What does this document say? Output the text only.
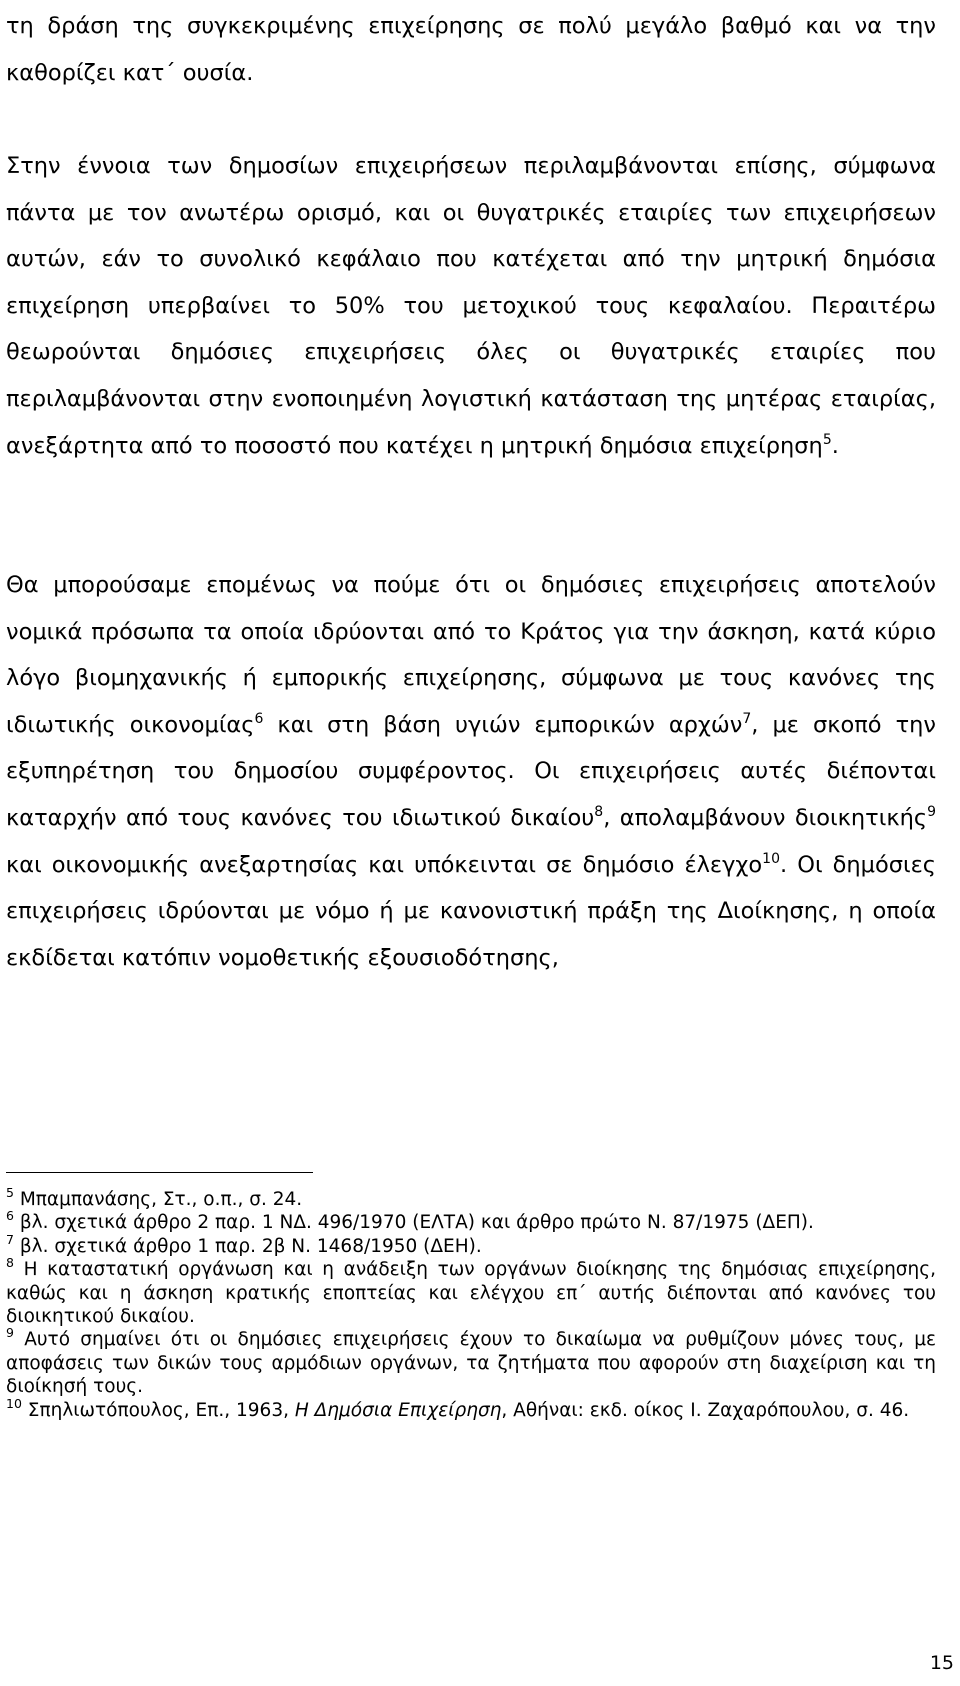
τη δράση της συγκεκριμένης επιχείρησης σε πολύ μεγάλο βαθμό και να την καθορίζει κατ΄ ουσία.

Στην έννοια των δημοσίων επιχειρήσεων περιλαμβάνονται επίσης, σύμφωνα πάντα με τον ανωτέρω ορισμό, και οι θυγατρικές εταιρίες των επιχειρήσεων αυτών, εάν το συνολικό κεφάλαιο που κατέχεται από την μητρική δημόσια επιχείρηση υπερβαίνει το 50% του μετοχικού τους κεφαλαίου. Περαιτέρω θεωρούνται δημόσιες επιχειρήσεις όλες οι θυγατρικές εταιρίες που περιλαμβάνονται στην ενοποιημένη λογιστική κατάσταση της μητέρας εταιρίας, ανεξάρτητα από το ποσοστό που κατέχει η μητρική δημόσια επιχείρηση$^5$.

Θα μπορούσαμε επομένως να πούμε ότι οι δημόσιες επιχειρήσεις αποτελούν νομικά πρόσωπα τα οποία ιδρύονται από το Κράτος για την άσκηση, κατά κύριο λόγο βιομηχανικής ή εμπορικής επιχείρησης, σύμφωνα με τους κανόνες της ιδιωτικής οικονομίας$^6$ και στη βάση υγιών εμπορικών αρχών$^7$, με σκοπό την εξυπηρέτηση του δημοσίου συμφέροντος. Οι επιχειρήσεις αυτές διέπονται καταρχήν από τους κανόνες του ιδιωτικού δικαίου$^8$, απολαμβάνουν διοικητικής$^9$ και οικονομικής ανεξαρτησίας και υπόκεινται σε δημόσιο έλεγχο$^{10}$. Οι δημόσιες επιχειρήσεις ιδρύονται με νόμο ή με κανονιστική πράξη της Διοίκησης, η οποία εκδίδεται κατόπιν νομοθετικής εξουσιοδότησης,

$^5$ Μπαμπανάσης, Στ., ο.π., σ. 24.

$^6$ βλ. σχετικά άρθρο 2 παρ. 1 ΝΔ. 496/1970 (ΕΛΤΑ) και άρθρο πρώτο Ν. 87/1975 (ΔΕΠ).

$^7$ βλ. σχετικά άρθρο 1 παρ. 2β Ν. 1468/1950 (ΔΕΗ).

$^8$ Η καταστατική οργάνωση και η ανάδειξη των οργάνων διοίκησης της δημόσιας επιχείρησης, καθώς και η άσκηση κρατικής εποπτείας και ελέγχου επ΄ αυτής διέπονται από κανόνες του διοικητικού δικαίου.

$^9$ Αυτό σημαίνει ότι οι δημόσιες επιχειρήσεις έχουν το δικαίωμα να ρυθμίζουν μόνες τους, με αποφάσεις των δικών τους αρμόδιων οργάνων, τα ζητήματα που αφορούν στη διαχείριση και τη διοίκησή τους.

$^{10}$ Σπηλιωτόπουλος, Επ., 1963, Η Δημόσια Επιχείρηση, Αθήναι: εκδ. οίκος Ι. Ζαχαρόπουλου, σ. 46.

15
